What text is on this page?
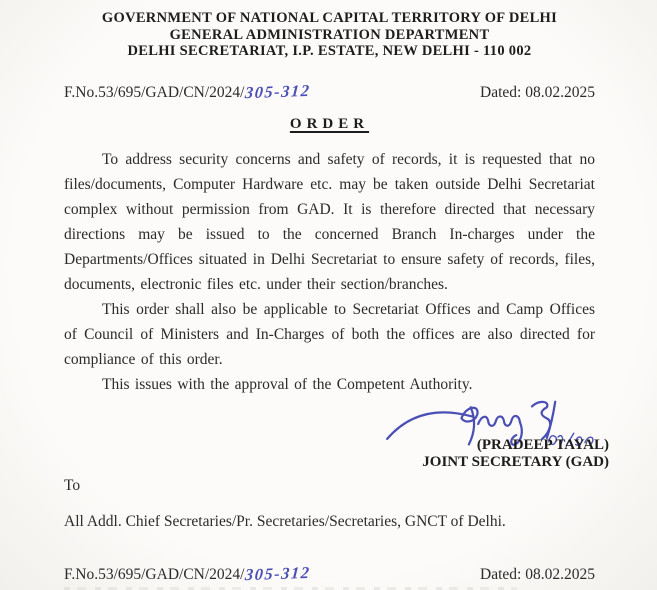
GOVERNMENT OF NATIONAL CAPITAL TERRITORY OF DELHI
GENERAL ADMINISTRATION DEPARTMENT
DELHI SECRETARIAT, I.P. ESTATE, NEW DELHI - 110 002
F.No.53/695/GAD/CN/2024/305-312	Dated: 08.02.2025
ORDER

To address security concerns and safety of records, it is requested that no files/documents, Computer Hardware etc. may be taken outside Delhi Secretariat complex without permission from GAD. It is therefore directed that necessary directions may be issued to the concerned Branch In-charges under the Departments/Offices situated in Delhi Secretariat to ensure safety of records, files, documents, electronic files etc. under their section/branches.

This order shall also be applicable to Secretariat Offices and Camp Offices of Council of Ministers and In-Charges of both the offices are also directed for compliance of this order.

This issues with the approval of the Competent Authority.

(PRADEEP TAYAL)
JOINT SECRETARY (GAD)
To
All Addl. Chief Secretaries/Pr. Secretaries/Secretaries, GNCT of Delhi.
F.No.53/695/GAD/CN/2024/305-312	Dated: 08.02.2025
